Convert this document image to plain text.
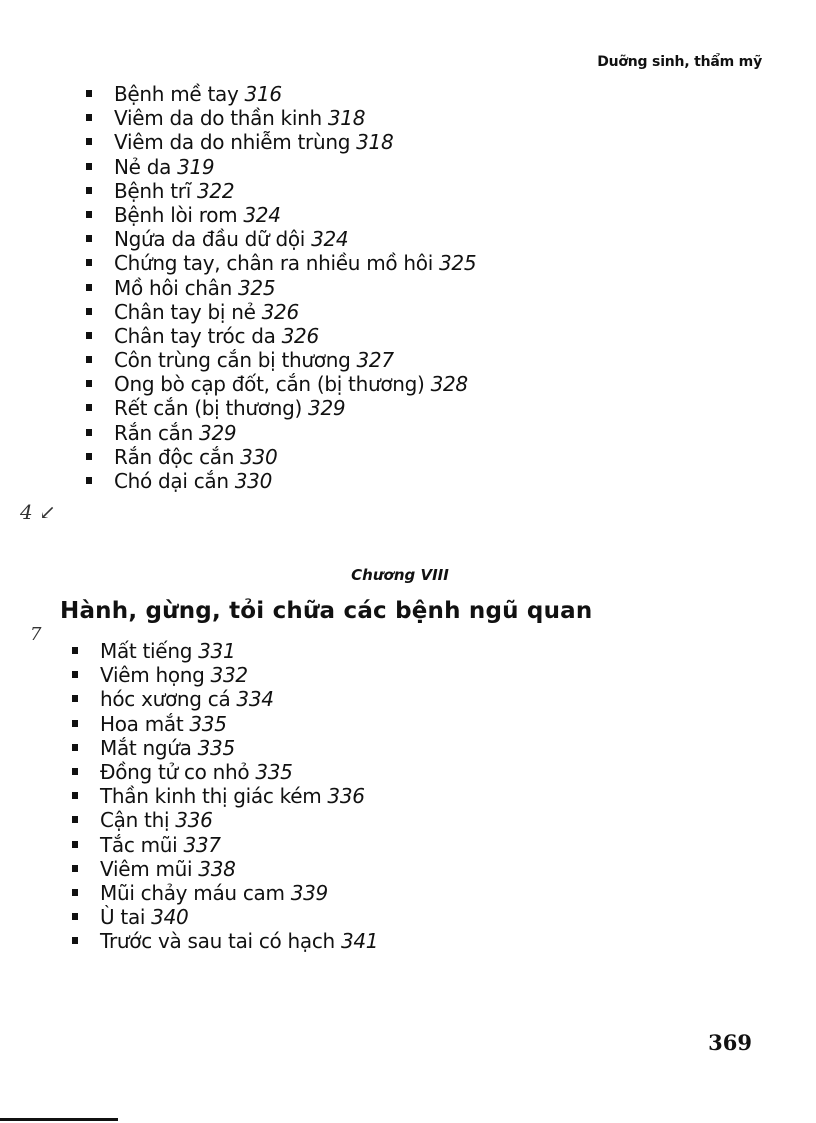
Duỡng sinh, thẩm mỹ
Bệnh mề tay 316
Viêm da do thần kinh 318
Viêm da do nhiễm trùng 318
Nẻ da 319
Bệnh trĩ 322
Bệnh lòi rom 324
Ngứa da đầu dữ dội 324
Chứng tay, chân ra nhiều mồ hôi 325
Mồ hôi chân 325
Chân tay bị nẻ 326
Chân tay tróc da 326
Côn trùng cắn bị thương 327
Ong bò cạp đốt, cắn (bị thương) 328
Rết cắn (bị thương) 329
Rắn cắn 329
Rắn độc cắn 330
Chó dại cắn 330
4 ↙
Chương VIII
Hành, gừng, tỏi chữa các bệnh ngũ quan
7
Mất tiếng 331
Viêm họng 332
hóc xương cá 334
Hoa mắt 335
Mắt ngứa 335
Đồng tử co nhỏ 335
Thần kinh thị giác kém 336
Cận thị 336
Tắc mũi 337
Viêm mũi 338
Mũi chảy máu cam 339
Ù tai 340
Trước và sau tai có hạch 341
369
